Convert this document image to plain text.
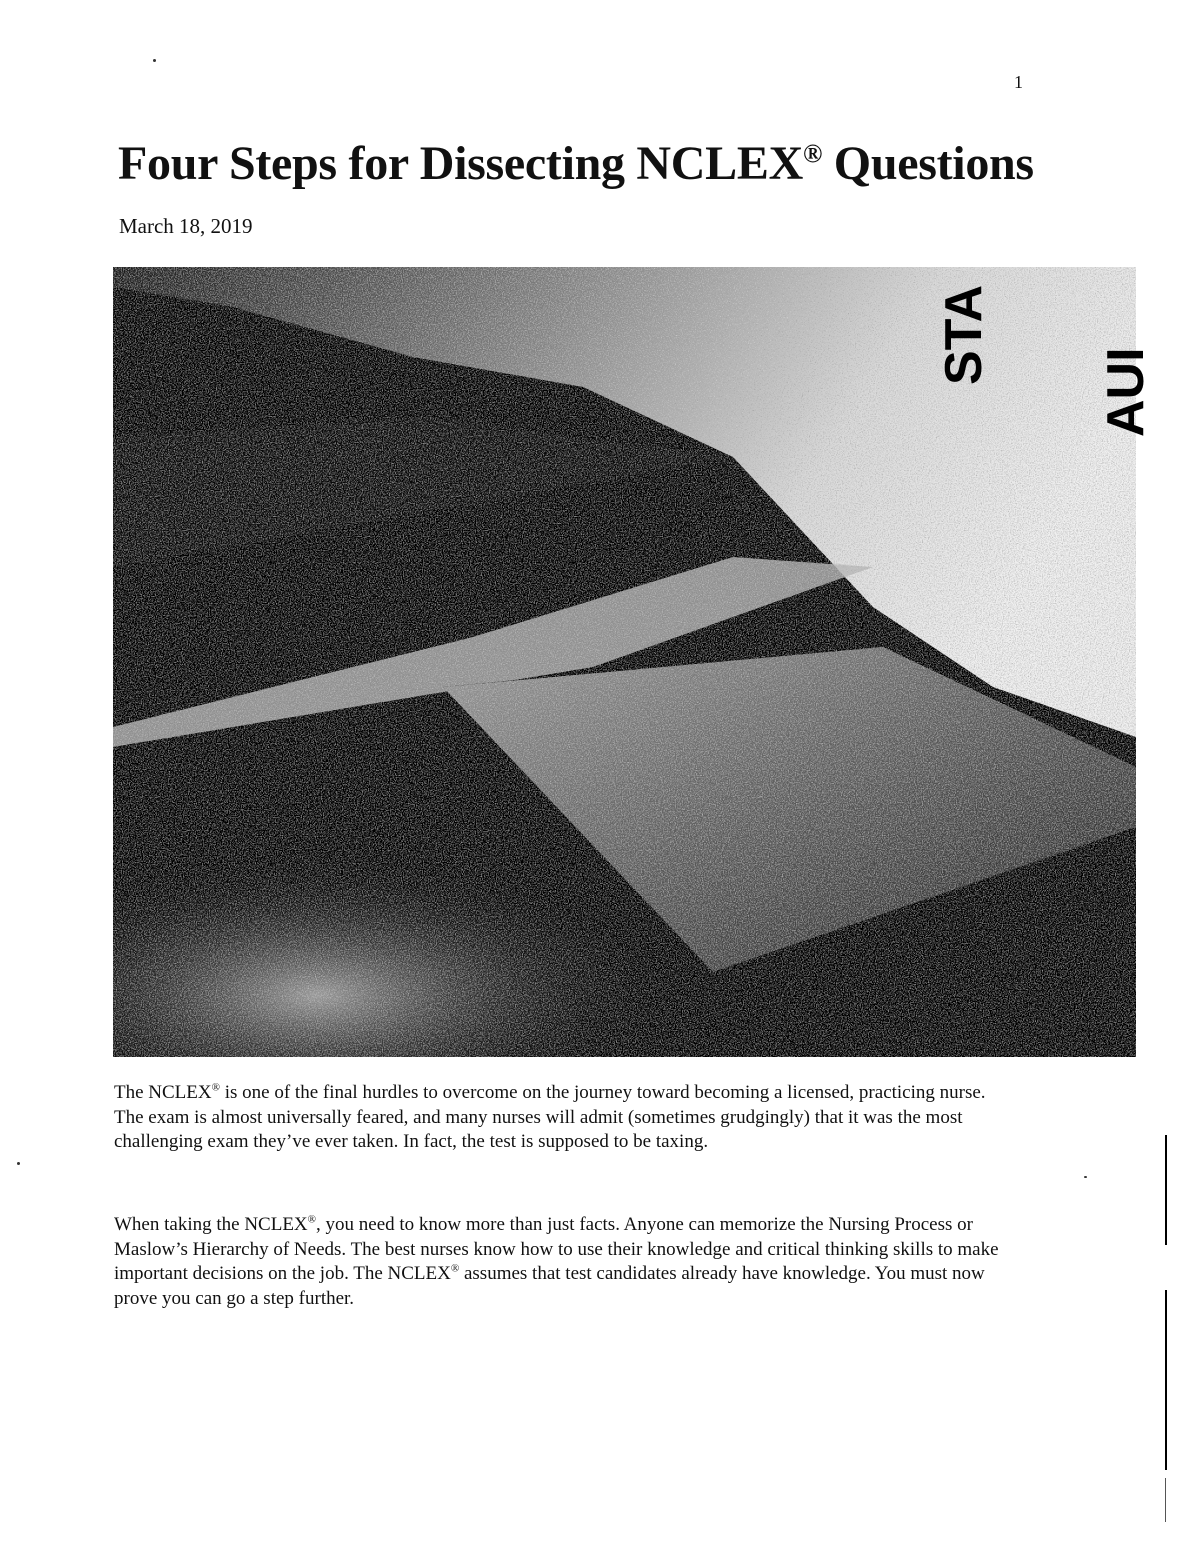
1
Four Steps for Dissecting NCLEX® Questions
March 18, 2019
STA
AUI
The NCLEX® is one of the final hurdles to overcome on the journey toward becoming a licensed, practicing nurse. The exam is almost universally feared, and many nurses will admit (sometimes grudgingly) that it was the most challenging exam they’ve ever taken. In fact, the test is supposed to be taxing.
When taking the NCLEX®, you need to know more than just facts. Anyone can memorize the Nursing Process or Maslow’s Hierarchy of Needs. The best nurses know how to use their knowledge and critical thinking skills to make important decisions on the job. The NCLEX® assumes that test candidates already have knowledge. You must now prove you can go a step further.
